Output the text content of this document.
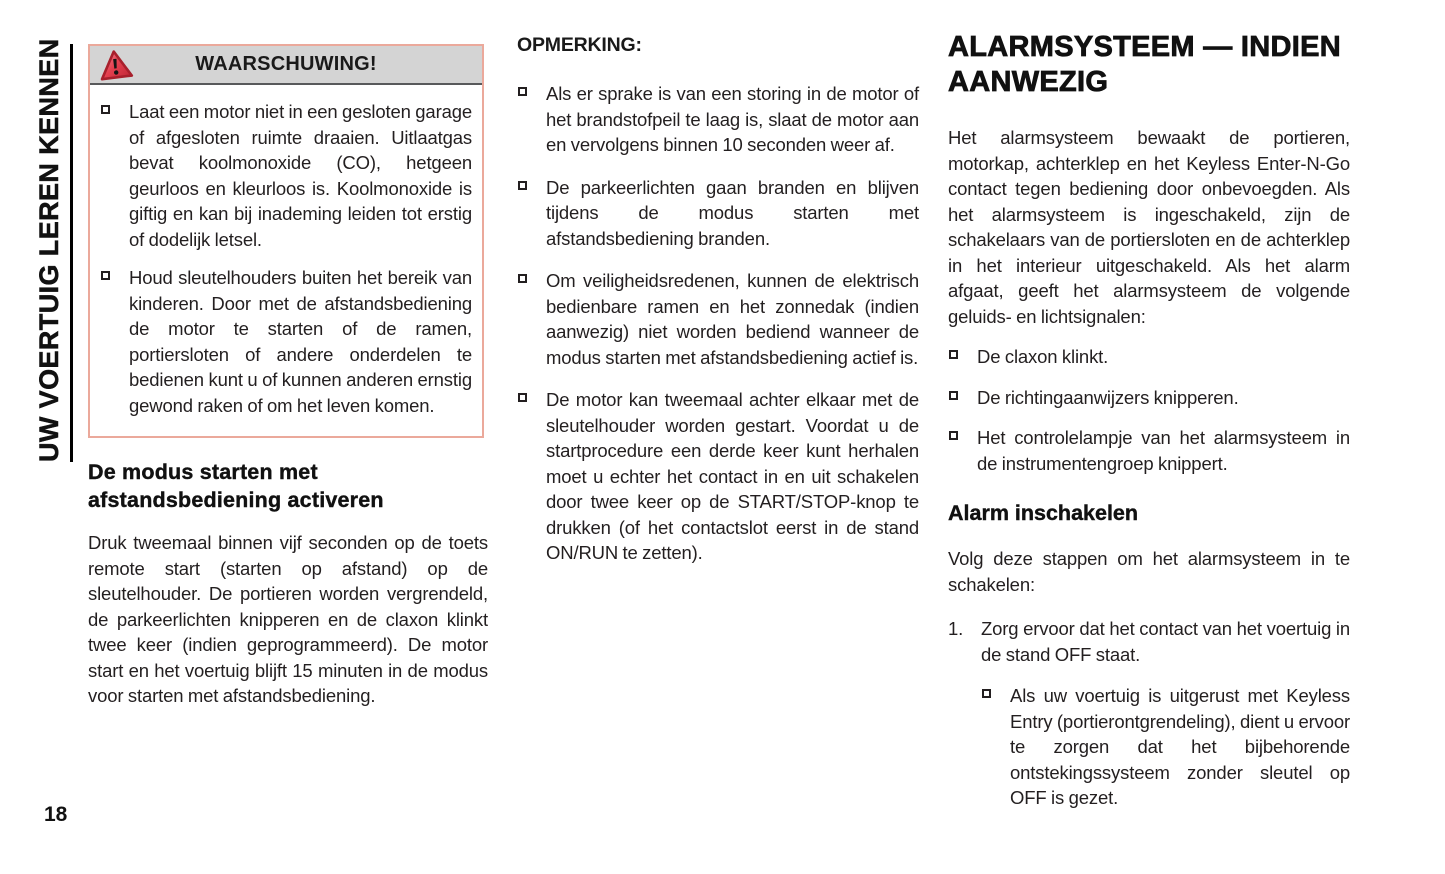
UW VOERTUIG LEREN KENNEN
18
WAARSCHUWING!
Laat een motor niet in een gesloten garage of afgesloten ruimte draaien. Uitlaatgas bevat koolmonoxide (CO), hetgeen geurloos en kleurloos is. Koolmonoxide is giftig en kan bij inademing leiden tot erstig of dodelijk letsel.
Houd sleutelhouders buiten het bereik van kinderen. Door met de afstandsbediening de motor te starten of de ramen, portiersloten of andere onderdelen te bedienen kunt u of kunnen anderen ernstig gewond raken of om het leven komen.
De modus starten met afstandsbediening activeren

Druk tweemaal binnen vijf seconden op de toets remote start (starten op afstand) op de sleutelhouder. De portieren worden vergrendeld, de parkeerlichten knipperen en de claxon klinkt twee keer (indien geprogrammeerd). De motor start en het voertuig blijft 15 minuten in de modus voor starten met afstandsbediening.

OPMERKING:
Als er sprake is van een storing in de motor of het brandstofpeil te laag is, slaat de motor aan en vervolgens binnen 10 seconden weer af.
De parkeerlichten gaan branden en blijven tijdens de modus starten met afstandsbediening branden.
Om veiligheidsredenen, kunnen de elektrisch bedienbare ramen en het zonnedak (indien aanwezig) niet worden bediend wanneer de modus starten met afstandsbediening actief is.
De motor kan tweemaal achter elkaar met de sleutelhouder worden gestart. Voordat u de startprocedure een derde keer kunt herhalen moet u echter het contact in en uit schakelen door twee keer op de START/STOP-knop te drukken (of het contactslot eerst in de stand ON/RUN te zetten).
ALARMSYSTEEM — INDIEN AANWEZIG

Het alarmsysteem bewaakt de portieren, motorkap, achterklep en het Keyless Enter-N-Go contact tegen bediening door onbevoegden. Als het alarmsysteem is ingeschakeld, zijn de schakelaars van de portiersloten en de achterklep in het interieur uitgeschakeld. Als het alarm afgaat, geeft het alarmsysteem de volgende geluids- en lichtsignalen:

De claxon klinkt.
De richtingaanwijzers knipperen.
Het controlelampje van het alarmsysteem in de instrumentengroep knippert.
Alarm inschakelen

Volg deze stappen om het alarmsysteem in te schakelen:

1. Zorg ervoor dat het contact van het voertuig in de stand OFF staat.
Als uw voertuig is uitgerust met Keyless Entry (portierontgrendeling), dient u ervoor te zorgen dat het bijbehorende ontstekingssysteem zonder sleutel op OFF is gezet.
